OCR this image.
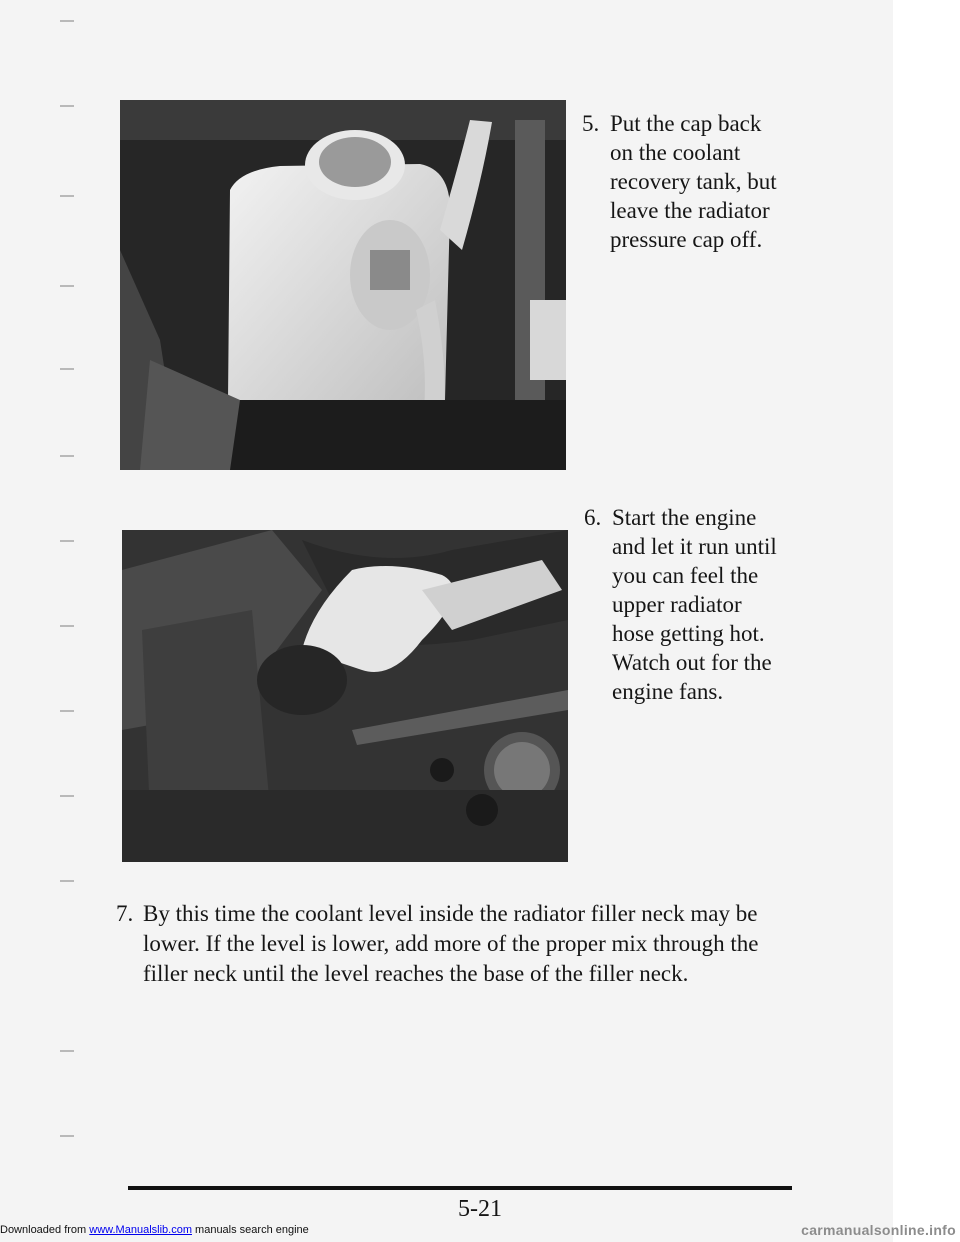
5. Put the cap back
on the coolant
recovery tank, but
leave the radiator
pressure cap off.
6. Start the engine
and let it run until
you can feel the
upper radiator
hose getting hot.
Watch out for the
engine fans.
7. By this time the coolant level inside the radiator filler neck may be
lower. If the level is lower, add more of the proper mix through the
filler neck until the level reaches the base of the filler neck.
5-21
Downloaded from www.Manualslib.com manuals search engine	carmanualsonline.info
